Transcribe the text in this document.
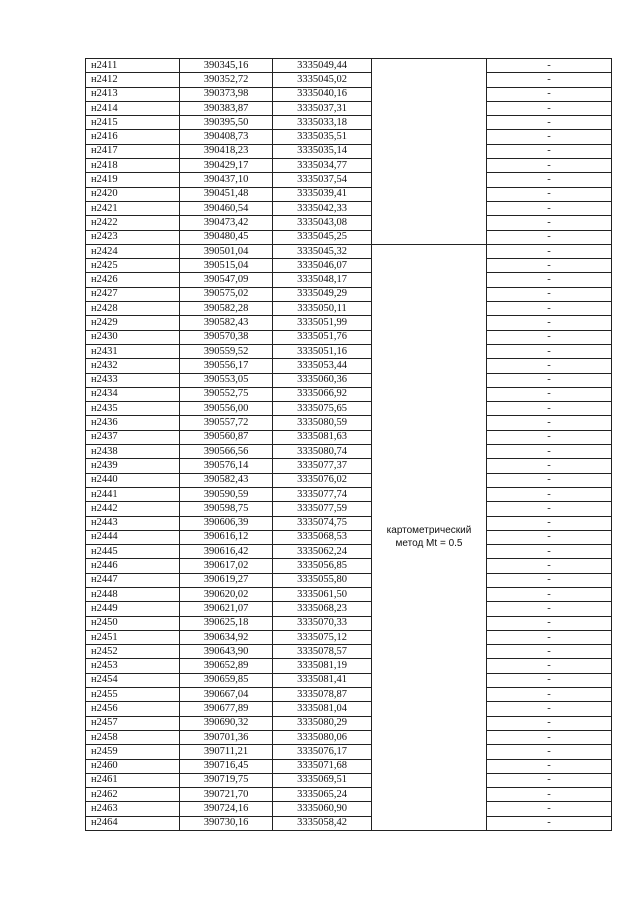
н2411	390345,16	3335049,44		-
н2412	390352,72	3335045,02		-
н2413	390373,98	3335040,16		-
н2414	390383,87	3335037,31		-
н2415	390395,50	3335033,18		-
н2416	390408,73	3335035,51		-
н2417	390418,23	3335035,14		-
н2418	390429,17	3335034,77		-
н2419	390437,10	3335037,54		-
н2420	390451,48	3335039,41		-
н2421	390460,54	3335042,33		-
н2422	390473,42	3335043,08		-
н2423	390480,45	3335045,25		-
н2424	390501,04	3335045,32	картометрический метод Mt = 0.5	-
н2425	390515,04	3335046,07		-
н2426	390547,09	3335048,17		-
н2427	390575,02	3335049,29		-
н2428	390582,28	3335050,11		-
н2429	390582,43	3335051,99		-
н2430	390570,38	3335051,76		-
н2431	390559,52	3335051,16		-
н2432	390556,17	3335053,44		-
н2433	390553,05	3335060,36		-
н2434	390552,75	3335066,92		-
н2435	390556,00	3335075,65		-
н2436	390557,72	3335080,59		-
н2437	390560,87	3335081,63		-
н2438	390566,56	3335080,74		-
н2439	390576,14	3335077,37		-
н2440	390582,43	3335076,02		-
н2441	390590,59	3335077,74		-
н2442	390598,75	3335077,59		-
н2443	390606,39	3335074,75		-
н2444	390616,12	3335068,53		-
н2445	390616,42	3335062,24		-
н2446	390617,02	3335056,85		-
н2447	390619,27	3335055,80		-
н2448	390620,02	3335061,50		-
н2449	390621,07	3335068,23		-
н2450	390625,18	3335070,33		-
н2451	390634,92	3335075,12		-
н2452	390643,90	3335078,57		-
н2453	390652,89	3335081,19		-
н2454	390659,85	3335081,41		-
н2455	390667,04	3335078,87		-
н2456	390677,89	3335081,04		-
н2457	390690,32	3335080,29		-
н2458	390701,36	3335080,06		-
н2459	390711,21	3335076,17		-
н2460	390716,45	3335071,68		-
н2461	390719,75	3335069,51		-
н2462	390721,70	3335065,24		-
н2463	390724,16	3335060,90		-
н2464	390730,16	3335058,42		-
